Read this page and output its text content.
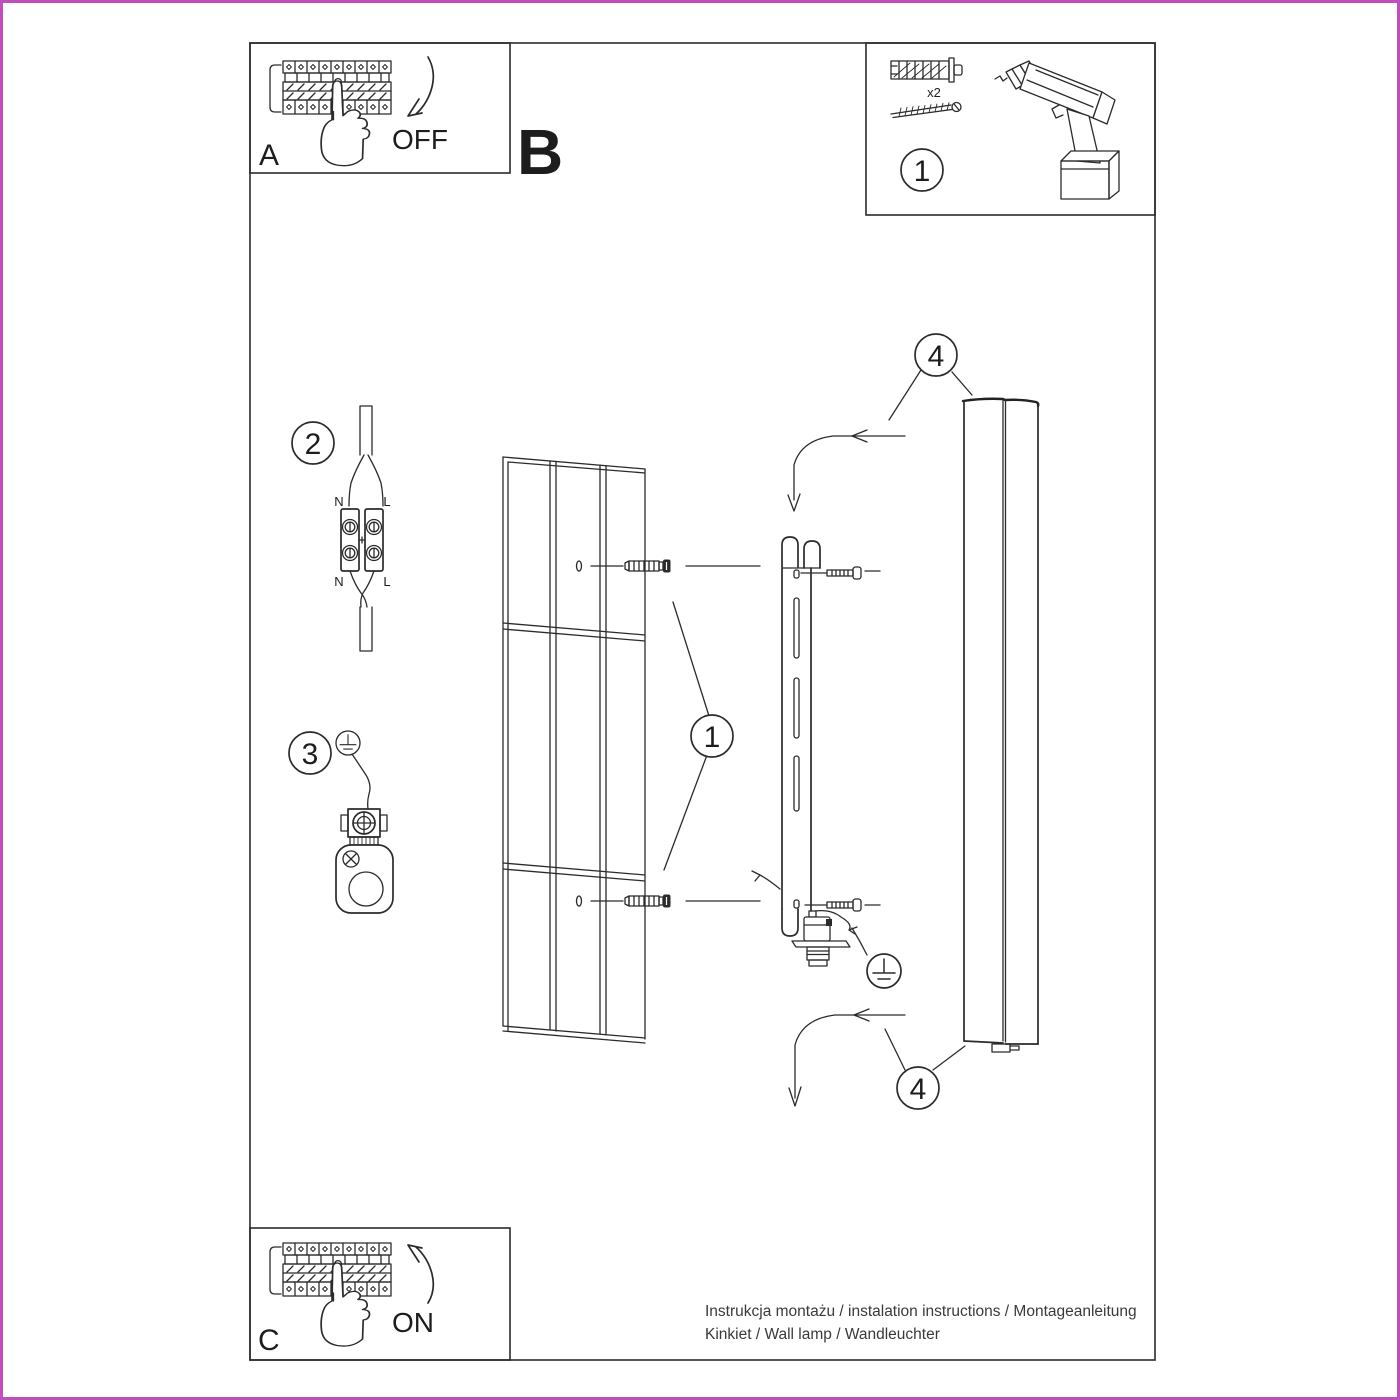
A	OFF B
x2
1
2
N	L
N	L
3
1
4
4
C
ON	Instrukcja montażu / instalation instructions / Montageanleitung
Kinkiet / Wall lamp / Wandleuchter
